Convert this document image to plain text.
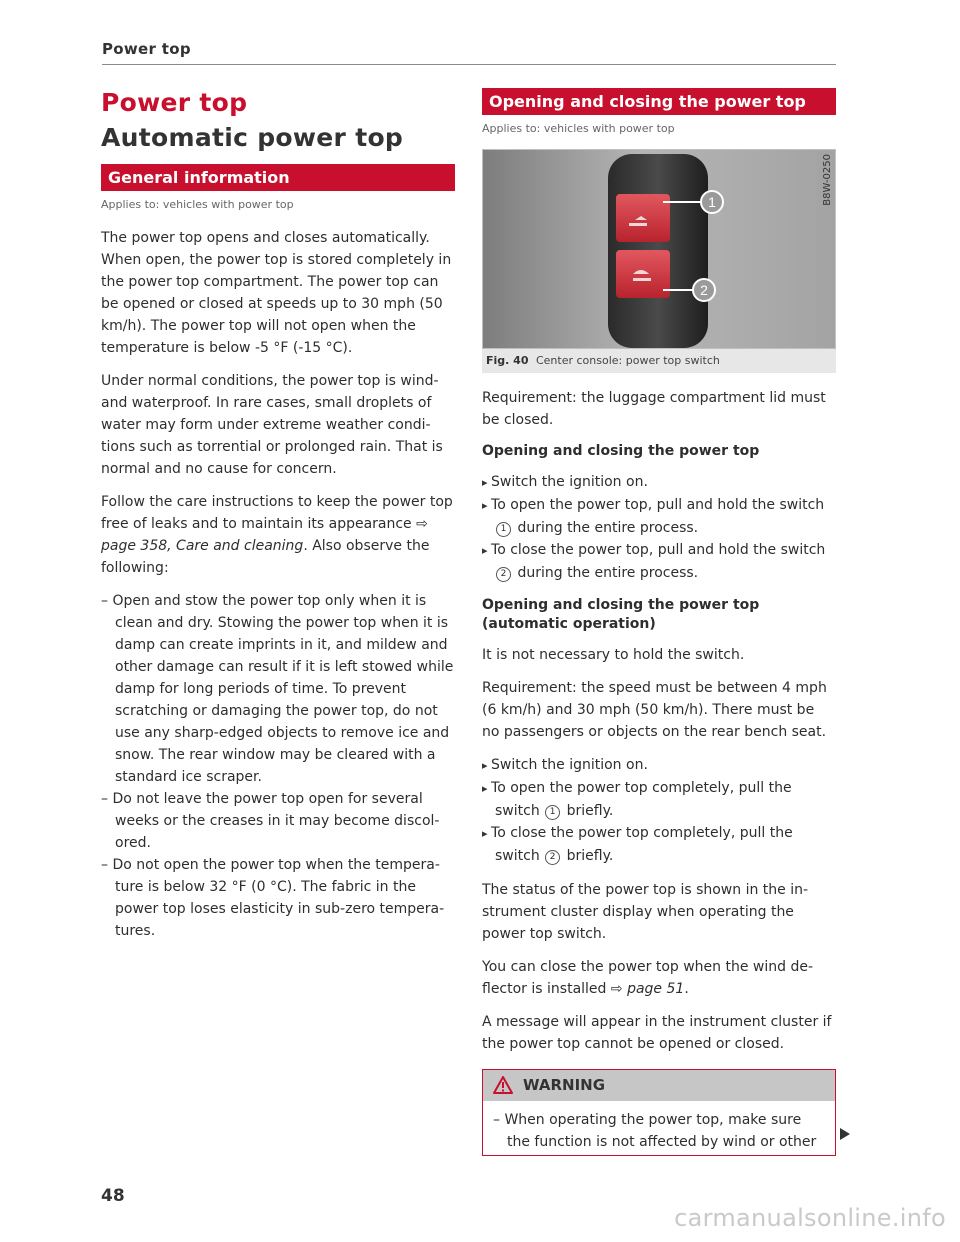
Power top
Power top
Automatic power top
General information
Applies to: vehicles with power top

The power top opens and closes automatically. When open, the power top is stored completely in the power top compartment. The power top can be opened or closed at speeds up to 30 mph (50 km/h). The power top will not open when the temperature is below -5 °F (-15 °C).

Under normal conditions, the power top is wind- and waterproof. In rare cases, small droplets of water may form under extreme weather condi- tions such as torrential or prolonged rain. That is normal and no cause for concern.

Follow the care instructions to keep the power top free of leaks and to maintain its appearance ⇨ page 358, Care and cleaning. Also observe the following:

– Open and stow the power top only when it is clean and dry. Stowing the power top when it is damp can create imprints in it, and mildew and other damage can result if it is left stowed while damp for long periods of time. To prevent scratching or damaging the power top, do not use any sharp-edged objects to remove ice and snow. The rear window may be cleared with a standard ice scraper.
– Do not leave the power top open for several weeks or the creases in it may become discol- ored.
– Do not open the power top when the tempera- ture is below 32 °F (0 °C). The fabric in the power top loses elasticity in sub-zero tempera- tures.
Opening and closing the power top
Applies to: vehicles with power top
1
2
B8W-0250
Fig. 40 Center console: power top switch

Requirement: the luggage compartment lid must be closed.

Opening and closing the power top
▸ Switch the ignition on.
▸ To open the power top, pull and hold the switch 1 during the entire process.
▸ To close the power top, pull and hold the switch 2 during the entire process.
Opening and closing the power top (automatic operation)

It is not necessary to hold the switch.

Requirement: the speed must be between 4 mph (6 km/h) and 30 mph (50 km/h). There must be no passengers or objects on the rear bench seat.

▸ Switch the ignition on.
▸ To open the power top completely, pull the switch 1 briefly.
▸ To close the power top completely, pull the switch 2 briefly.

The status of the power top is shown in the in- strument cluster display when operating the power top switch.

You can close the power top when the wind de- flector is installed ⇨ page 51.

A message will appear in the instrument cluster if the power top cannot be opened or closed.

WARNING
– When operating the power top, make sure the function is not affected by wind or other
48
carmanualsonline.info
